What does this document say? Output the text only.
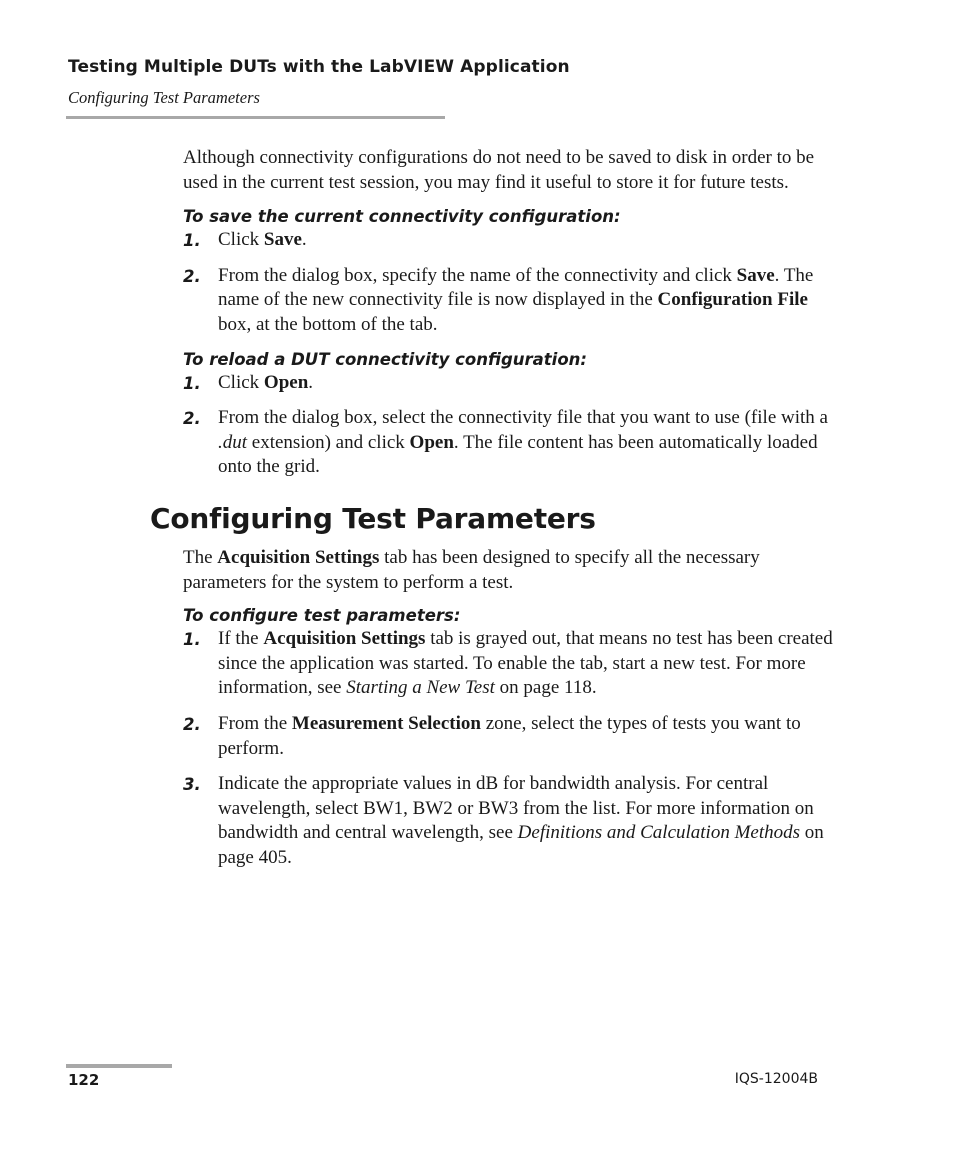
Testing Multiple DUTs with the LabVIEW Application
Configuring Test Parameters

Although connectivity configurations do not need to be saved to disk in order to be used in the current test session, you may find it useful to store it for future tests.

To save the current connectivity configuration:

1. Click Save.
2. From the dialog box, specify the name of the connectivity and click Save. The name of the new connectivity file is now displayed in the Configuration File box, at the bottom of the tab.

To reload a DUT connectivity configuration:

1. Click Open.
2. From the dialog box, select the connectivity file that you want to use (file with a .dut extension) and click Open. The file content has been automatically loaded onto the grid.
Configuring Test Parameters

The Acquisition Settings tab has been designed to specify all the necessary parameters for the system to perform a test.

To configure test parameters:

1. If the Acquisition Settings tab is grayed out, that means no test has been created since the application was started. To enable the tab, start a new test. For more information, see Starting a New Test on page 118.
2. From the Measurement Selection zone, select the types of tests you want to perform.
3. Indicate the appropriate values in dB for bandwidth analysis. For central wavelength, select BW1, BW2 or BW3 from the list. For more information on bandwidth and central wavelength, see Definitions and Calculation Methods on page 405.
122	IQS-12004B
